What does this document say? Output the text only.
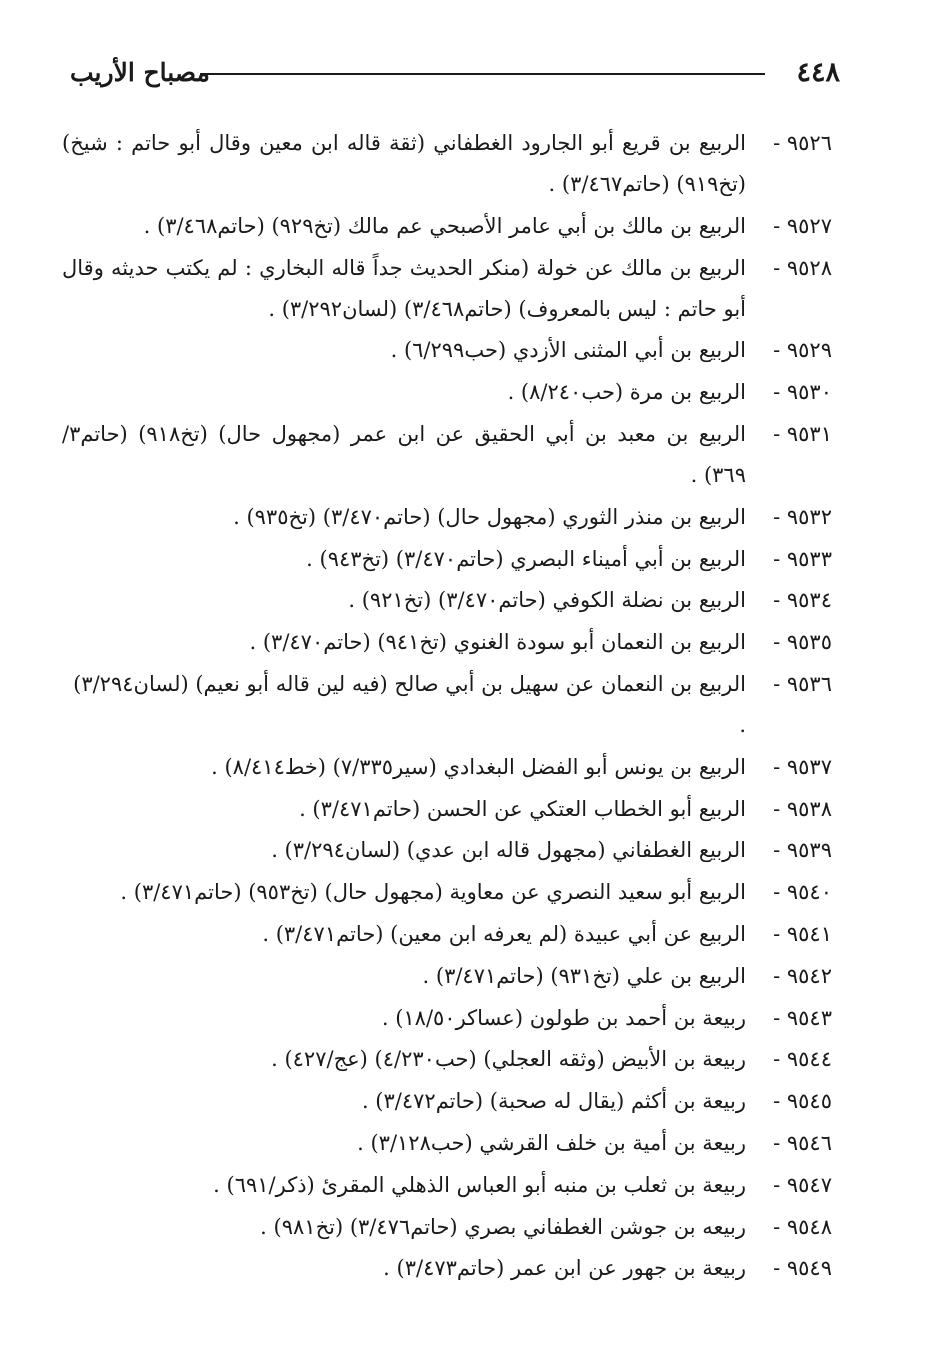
٤٤٨
مصباح الأريب
٩٥٢٦ -
الربيع بن قريع أبو الجارود الغطفاني (ثقة قاله ابن معين وقال أبو حاتم : شيخ) (تخ٩١٩) (حاتم٣/٤٦٧) .
٩٥٢٧ -
الربيع بن مالك بن أبي عامر الأصبحي عم مالك (تخ٩٢٩) (حاتم٣/٤٦٨) .
٩٥٢٨ -
الربيع بن مالك عن خولة (منكر الحديث جداً قاله البخاري : لم يكتب حديثه وقال أبو حاتم : ليس بالمعروف) (حاتم٣/٤٦٨) (لسان٣/٢٩٢) .
٩٥٢٩ -
الربيع بن أبي المثنى الأزدي (حب٦/٢٩٩) .
٩٥٣٠ -
الربيع بن مرة (حب٨/٢٤٠) .
٩٥٣١ -
الربيع بن معبد بن أبي الحقيق عن ابن عمر (مجهول حال) (تخ٩١٨) (حاتم٣/ ٣٦٩) .
٩٥٣٢ -
الربيع بن منذر الثوري (مجهول حال) (حاتم٣/٤٧٠) (تخ٩٣٥) .
٩٥٣٣ -
الربيع بن أبي أميناء البصري (حاتم٣/٤٧٠) (تخ٩٤٣) .
٩٥٣٤ -
الربيع بن نضلة الكوفي (حاتم٣/٤٧٠) (تخ٩٢١) .
٩٥٣٥ -
الربيع بن النعمان أبو سودة الغنوي (تخ٩٤١) (حاتم٣/٤٧٠) .
٩٥٣٦ -
الربيع بن النعمان عن سهيل بن أبي صالح (فيه لين قاله أبو نعيم) (لسان٣/٢٩٤) .
٩٥٣٧ -
الربيع بن يونس أبو الفضل البغدادي (سير٧/٣٣٥) (خط٨/٤١٤) .
٩٥٣٨ -
الربيع أبو الخطاب العتكي عن الحسن (حاتم٣/٤٧١) .
٩٥٣٩ -
الربيع الغطفاني (مجهول قاله ابن عدي) (لسان٣/٢٩٤) .
٩٥٤٠ -
الربيع أبو سعيد النصري عن معاوية (مجهول حال) (تخ٩٥٣) (حاتم٣/٤٧١) .
٩٥٤١ -
الربيع عن أبي عبيدة (لم يعرفه ابن معين) (حاتم٣/٤٧١) .
٩٥٤٢ -
الربيع بن علي (تخ٩٣١) (حاتم٣/٤٧١) .
٩٥٤٣ -
ربيعة بن أحمد بن طولون (عساكر١٨/٥٠) .
٩٥٤٤ -
ربيعة بن الأبيض (وثقه العجلي) (حب٤/٢٣٠) (عج/٤٢٧) .
٩٥٤٥ -
ربيعة بن أكثم (يقال له صحبة) (حاتم٣/٤٧٢) .
٩٥٤٦ -
ربيعة بن أمية بن خلف القرشي (حب٣/١٢٨) .
٩٥٤٧ -
ربيعة بن ثعلب بن منبه أبو العباس الذهلي المقرئ (ذكر/٦٩١) .
٩٥٤٨ -
ربيعه بن جوشن الغطفاني بصري (حاتم٣/٤٧٦) (تخ٩٨١) .
٩٥٤٩ -
ربيعة بن جهور عن ابن عمر (حاتم٣/٤٧٣) .
